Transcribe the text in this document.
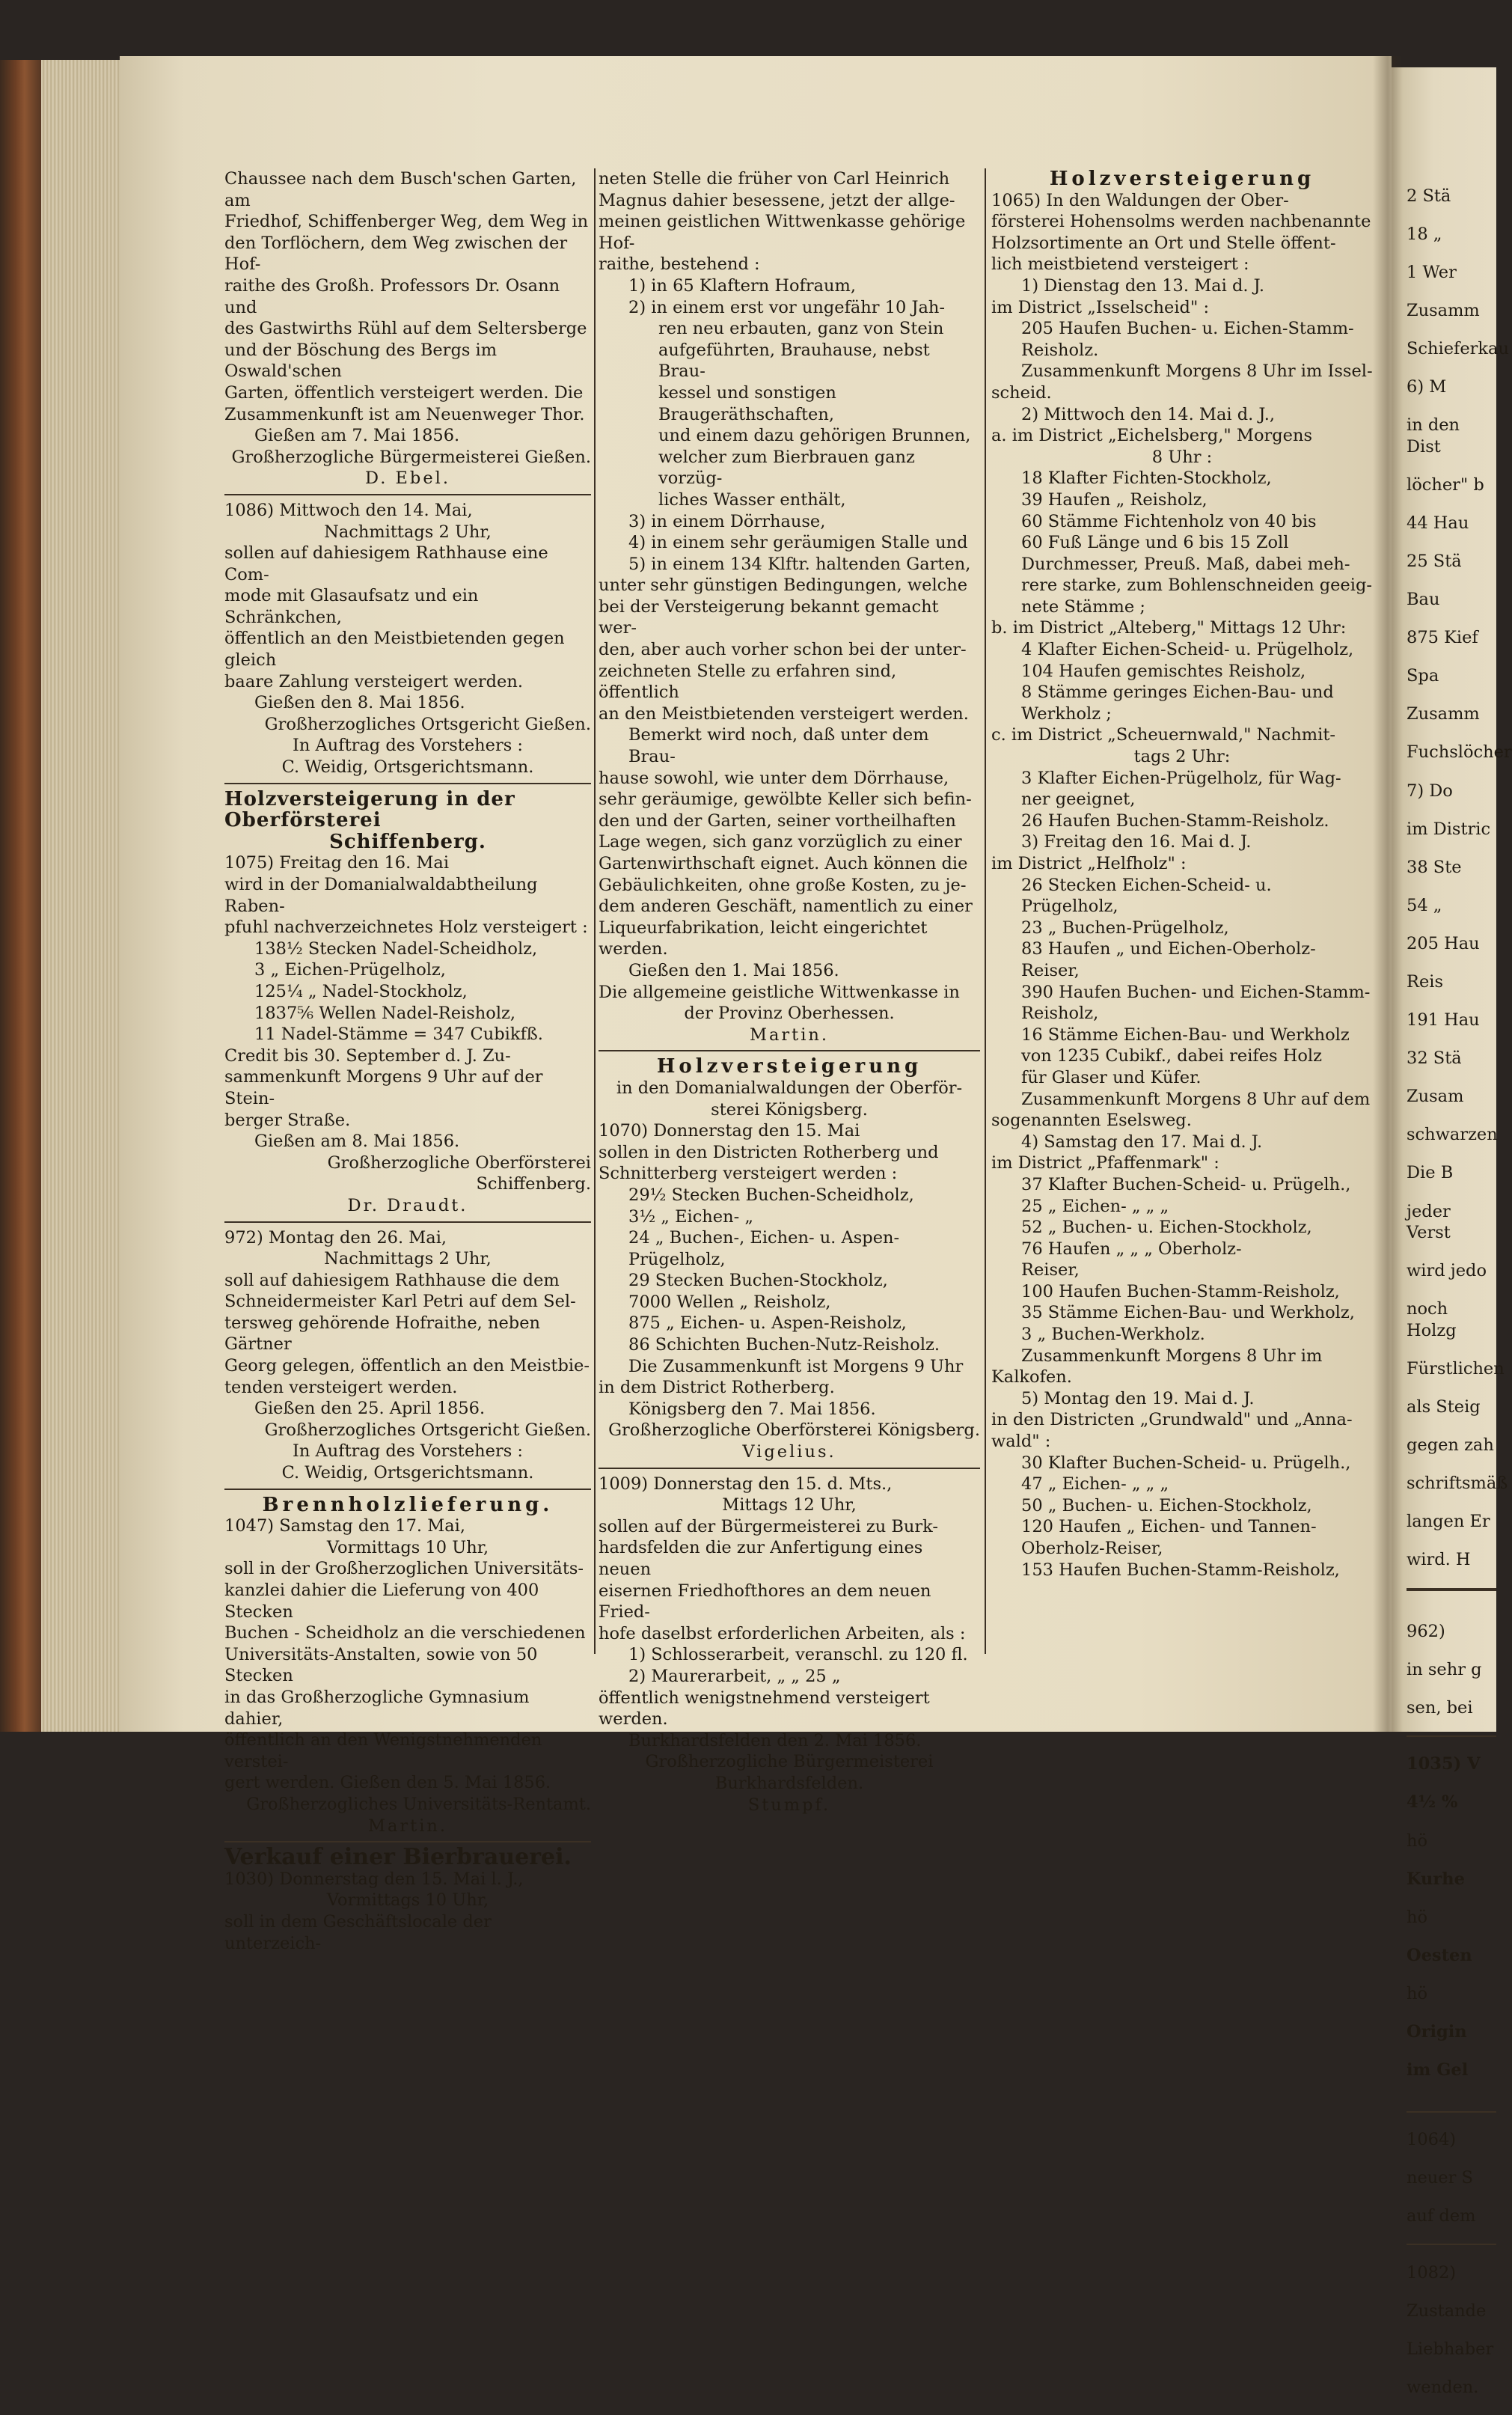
Chaussee nach dem Busch'schen Garten, am

Friedhof, Schiffenberger Weg, dem Weg in

den Torflöchern, dem Weg zwischen der Hof-

raithe des Großh. Professors Dr. Osann und

des Gastwirths Rühl auf dem Seltersberge

und der Böschung des Bergs im Oswald'schen

Garten, öffentlich versteigert werden. Die

Zusammenkunft ist am Neuenweger Thor.

Gießen am 7. Mai 1856.

Großherzogliche Bürgermeisterei Gießen.

D. Ebel.

1086) Mittwoch den 14. Mai,

Nachmittags 2 Uhr,

sollen auf dahiesigem Rathhause eine Com-

mode mit Glasaufsatz und ein Schränkchen,

öffentlich an den Meistbietenden gegen gleich

baare Zahlung versteigert werden.

Gießen den 8. Mai 1856.

Großherzogliches Ortsgericht Gießen.

In Auftrag des Vorstehers :

C. Weidig, Ortsgerichtsmann.

Holzversteigerung in der Oberförsterei

Schiffenberg.

1075) Freitag den 16. Mai

wird in der Domanialwaldabtheilung Raben-

pfuhl nachverzeichnetes Holz versteigert :

138½ Stecken Nadel-Scheidholz,

3 „ Eichen-Prügelholz,

125¼ „ Nadel-Stockholz,

1837⅚ Wellen Nadel-Reisholz,

11 Nadel-Stämme = 347 Cubikfß.

Credit bis 30. September d. J. Zu-

sammenkunft Morgens 9 Uhr auf der Stein-

berger Straße.

Gießen am 8. Mai 1856.

Großherzogliche Oberförsterei Schiffenberg.

Dr. Draudt.

972) Montag den 26. Mai,

Nachmittags 2 Uhr,

soll auf dahiesigem Rathhause die dem

Schneidermeister Karl Petri auf dem Sel-

tersweg gehörende Hofraithe, neben Gärtner

Georg gelegen, öffentlich an den Meistbie-

tenden versteigert werden.

Gießen den 25. April 1856.

Großherzogliches Ortsgericht Gießen.

In Auftrag des Vorstehers :

C. Weidig, Ortsgerichtsmann.

Brennholzlieferung.

1047) Samstag den 17. Mai,

Vormittags 10 Uhr,

soll in der Großherzoglichen Universitäts-

kanzlei dahier die Lieferung von 400 Stecken

Buchen - Scheidholz an die verschiedenen

Universitäts-Anstalten, sowie von 50 Stecken

in das Großherzogliche Gymnasium dahier,

öffentlich an den Wenigstnehmenden verstei-

gert werden. Gießen den 5. Mai 1856.

Großherzogliches Universitäts-Rentamt.

Martin.

Verkauf einer Bierbrauerei.

1030) Donnerstag den 15. Mai l. J.,

Vormittags 10 Uhr,

soll in dem Geschäftslocale der unterzeich-

neten Stelle die früher von Carl Heinrich

Magnus dahier besessene, jetzt der allge-

meinen geistlichen Wittwenkasse gehörige Hof-

raithe, bestehend :

1) in 65 Klaftern Hofraum,

2) in einem erst vor ungefähr 10 Jah-

ren neu erbauten, ganz von Stein

aufgeführten, Brauhause, nebst Brau-

kessel und sonstigen Braugeräthschaften,

und einem dazu gehörigen Brunnen,

welcher zum Bierbrauen ganz vorzüg-

liches Wasser enthält,

3) in einem Dörrhause,

4) in einem sehr geräumigen Stalle und

5) in einem 134 Klftr. haltenden Garten,

unter sehr günstigen Bedingungen, welche

bei der Versteigerung bekannt gemacht wer-

den, aber auch vorher schon bei der unter-

zeichneten Stelle zu erfahren sind, öffentlich

an den Meistbietenden versteigert werden.

Bemerkt wird noch, daß unter dem Brau-

hause sowohl, wie unter dem Dörrhause,

sehr geräumige, gewölbte Keller sich befin-

den und der Garten, seiner vortheilhaften

Lage wegen, sich ganz vorzüglich zu einer

Gartenwirthschaft eignet. Auch können die

Gebäulichkeiten, ohne große Kosten, zu je-

dem anderen Geschäft, namentlich zu einer

Liqueurfabrikation, leicht eingerichtet werden.

Gießen den 1. Mai 1856.

Die allgemeine geistliche Wittwenkasse in

der Provinz Oberhessen.

Martin.

Holzversteigerung

in den Domanialwaldungen der Oberför-

sterei Königsberg.

1070) Donnerstag den 15. Mai

sollen in den Districten Rotherberg und

Schnitterberg versteigert werden :

29½ Stecken Buchen-Scheidholz,

3½ „ Eichen- „

24 „ Buchen-, Eichen- u. Aspen-

Prügelholz,

29 Stecken Buchen-Stockholz,

7000 Wellen „ Reisholz,

875 „ Eichen- u. Aspen-Reisholz,

86 Schichten Buchen-Nutz-Reisholz.

Die Zusammenkunft ist Morgens 9 Uhr

in dem District Rotherberg.

Königsberg den 7. Mai 1856.

Großherzogliche Oberförsterei Königsberg.

Vigelius.

1009) Donnerstag den 15. d. Mts.,

Mittags 12 Uhr,

sollen auf der Bürgermeisterei zu Burk-

hardsfelden die zur Anfertigung eines neuen

eisernen Friedhofthores an dem neuen Fried-

hofe daselbst erforderlichen Arbeiten, als :

1) Schlosserarbeit, veranschl. zu 120 fl.

2) Maurerarbeit, „ „ 25 „

öffentlich wenigstnehmend versteigert werden.

Burkhardsfelden den 2. Mai 1856.

Großherzogliche Bürgermeisterei

Burkhardsfelden.

Stumpf.

Holzversteigerung

1065) In den Waldungen der Ober-

försterei Hohensolms werden nachbenannte

Holzsortimente an Ort und Stelle öffent-

lich meistbietend versteigert :

1) Dienstag den 13. Mai d. J.

im District „Isselscheid" :

205 Haufen Buchen- u. Eichen-Stamm-

Reisholz.

Zusammenkunft Morgens 8 Uhr im Issel-

scheid.

2) Mittwoch den 14. Mai d. J.,

a. im District „Eichelsberg," Morgens

8 Uhr :

18 Klafter Fichten-Stockholz,

39 Haufen „ Reisholz,

60 Stämme Fichtenholz von 40 bis

60 Fuß Länge und 6 bis 15 Zoll

Durchmesser, Preuß. Maß, dabei meh-

rere starke, zum Bohlenschneiden geeig-

nete Stämme ;

b. im District „Alteberg," Mittags 12 Uhr:

4 Klafter Eichen-Scheid- u. Prügelholz,

104 Haufen gemischtes Reisholz,

8 Stämme geringes Eichen-Bau- und

Werkholz ;

c. im District „Scheuernwald," Nachmit-

tags 2 Uhr:

3 Klafter Eichen-Prügelholz, für Wag-

ner geeignet,

26 Haufen Buchen-Stamm-Reisholz.

3) Freitag den 16. Mai d. J.

im District „Helfholz" :

26 Stecken Eichen-Scheid- u. Prügelholz,

23 „ Buchen-Prügelholz,

83 Haufen „ und Eichen-Oberholz-

Reiser,

390 Haufen Buchen- und Eichen-Stamm-

Reisholz,

16 Stämme Eichen-Bau- und Werkholz

von 1235 Cubikf., dabei reifes Holz

für Glaser und Küfer.

Zusammenkunft Morgens 8 Uhr auf dem

sogenannten Eselsweg.

4) Samstag den 17. Mai d. J.

im District „Pfaffenmark" :

37 Klafter Buchen-Scheid- u. Prügelh.,

25 „ Eichen- „ „ „

52 „ Buchen- u. Eichen-Stockholz,

76 Haufen „ „ „ Oberholz-

Reiser,

100 Haufen Buchen-Stamm-Reisholz,

35 Stämme Eichen-Bau- und Werkholz,

3 „ Buchen-Werkholz.

Zusammenkunft Morgens 8 Uhr im

Kalkofen.

5) Montag den 19. Mai d. J.

in den Districten „Grundwald" und „Anna-

wald" :

30 Klafter Buchen-Scheid- u. Prügelh.,

47 „ Eichen- „ „ „

50 „ Buchen- u. Eichen-Stockholz,

120 Haufen „ Eichen- und Tannen-

Oberholz-Reiser,

153 Haufen Buchen-Stamm-Reisholz,

2 Stä

18 „

1 Wer

Zusamm

Schieferkau

6) M

in den Dist

löcher" b

44 Hau

25 Stä

Bau

875 Kief

Spa

Zusamm

Fuchslöcher

7) Do

im Distric

38 Ste

54 „

205 Hau

Reis

191 Hau

32 Stä

Zusam

schwarzen

Die B

jeder Verst

wird jedo

noch Holzg

Fürstlichen

als Steig

gegen zah

schriftsmäß

langen Er

wird. H

962)

in sehr g

sen, bei

1035) V

4½ %

hö

Kurhe

hö

Oesten

hö

Origin

im Gel

1064)

neuer S

auf dem

1082)

Zustande

Liebhaber

wenden.
